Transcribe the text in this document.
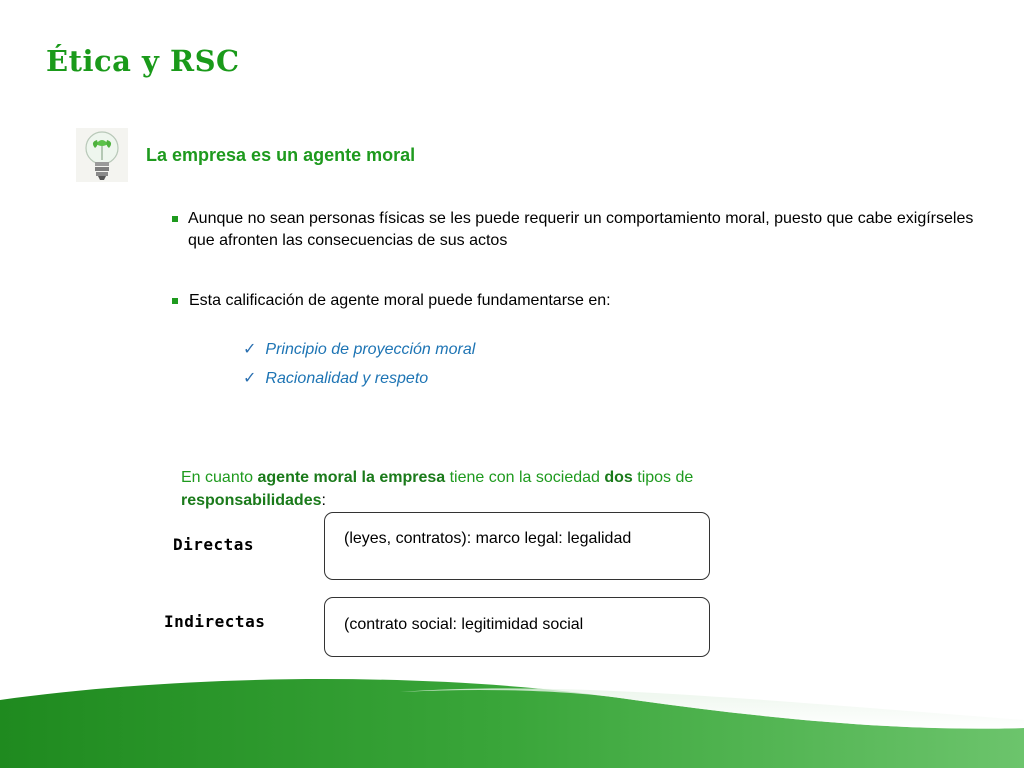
Ética y RSC
La empresa es un agente moral
Aunque no sean personas físicas se les puede requerir un comportamiento moral, puesto que cabe exigírseles que afronten las consecuencias de sus actos
Esta calificación de agente moral puede fundamentarse en:
✓ Principio de proyección moral
✓ Racionalidad y respeto
En cuanto agente moral la empresa tiene con la sociedad dos tipos de
responsabilidades:
Directas	(leyes, contratos): marco legal: legalidad
Indirectas	(contrato social: legitimidad social
